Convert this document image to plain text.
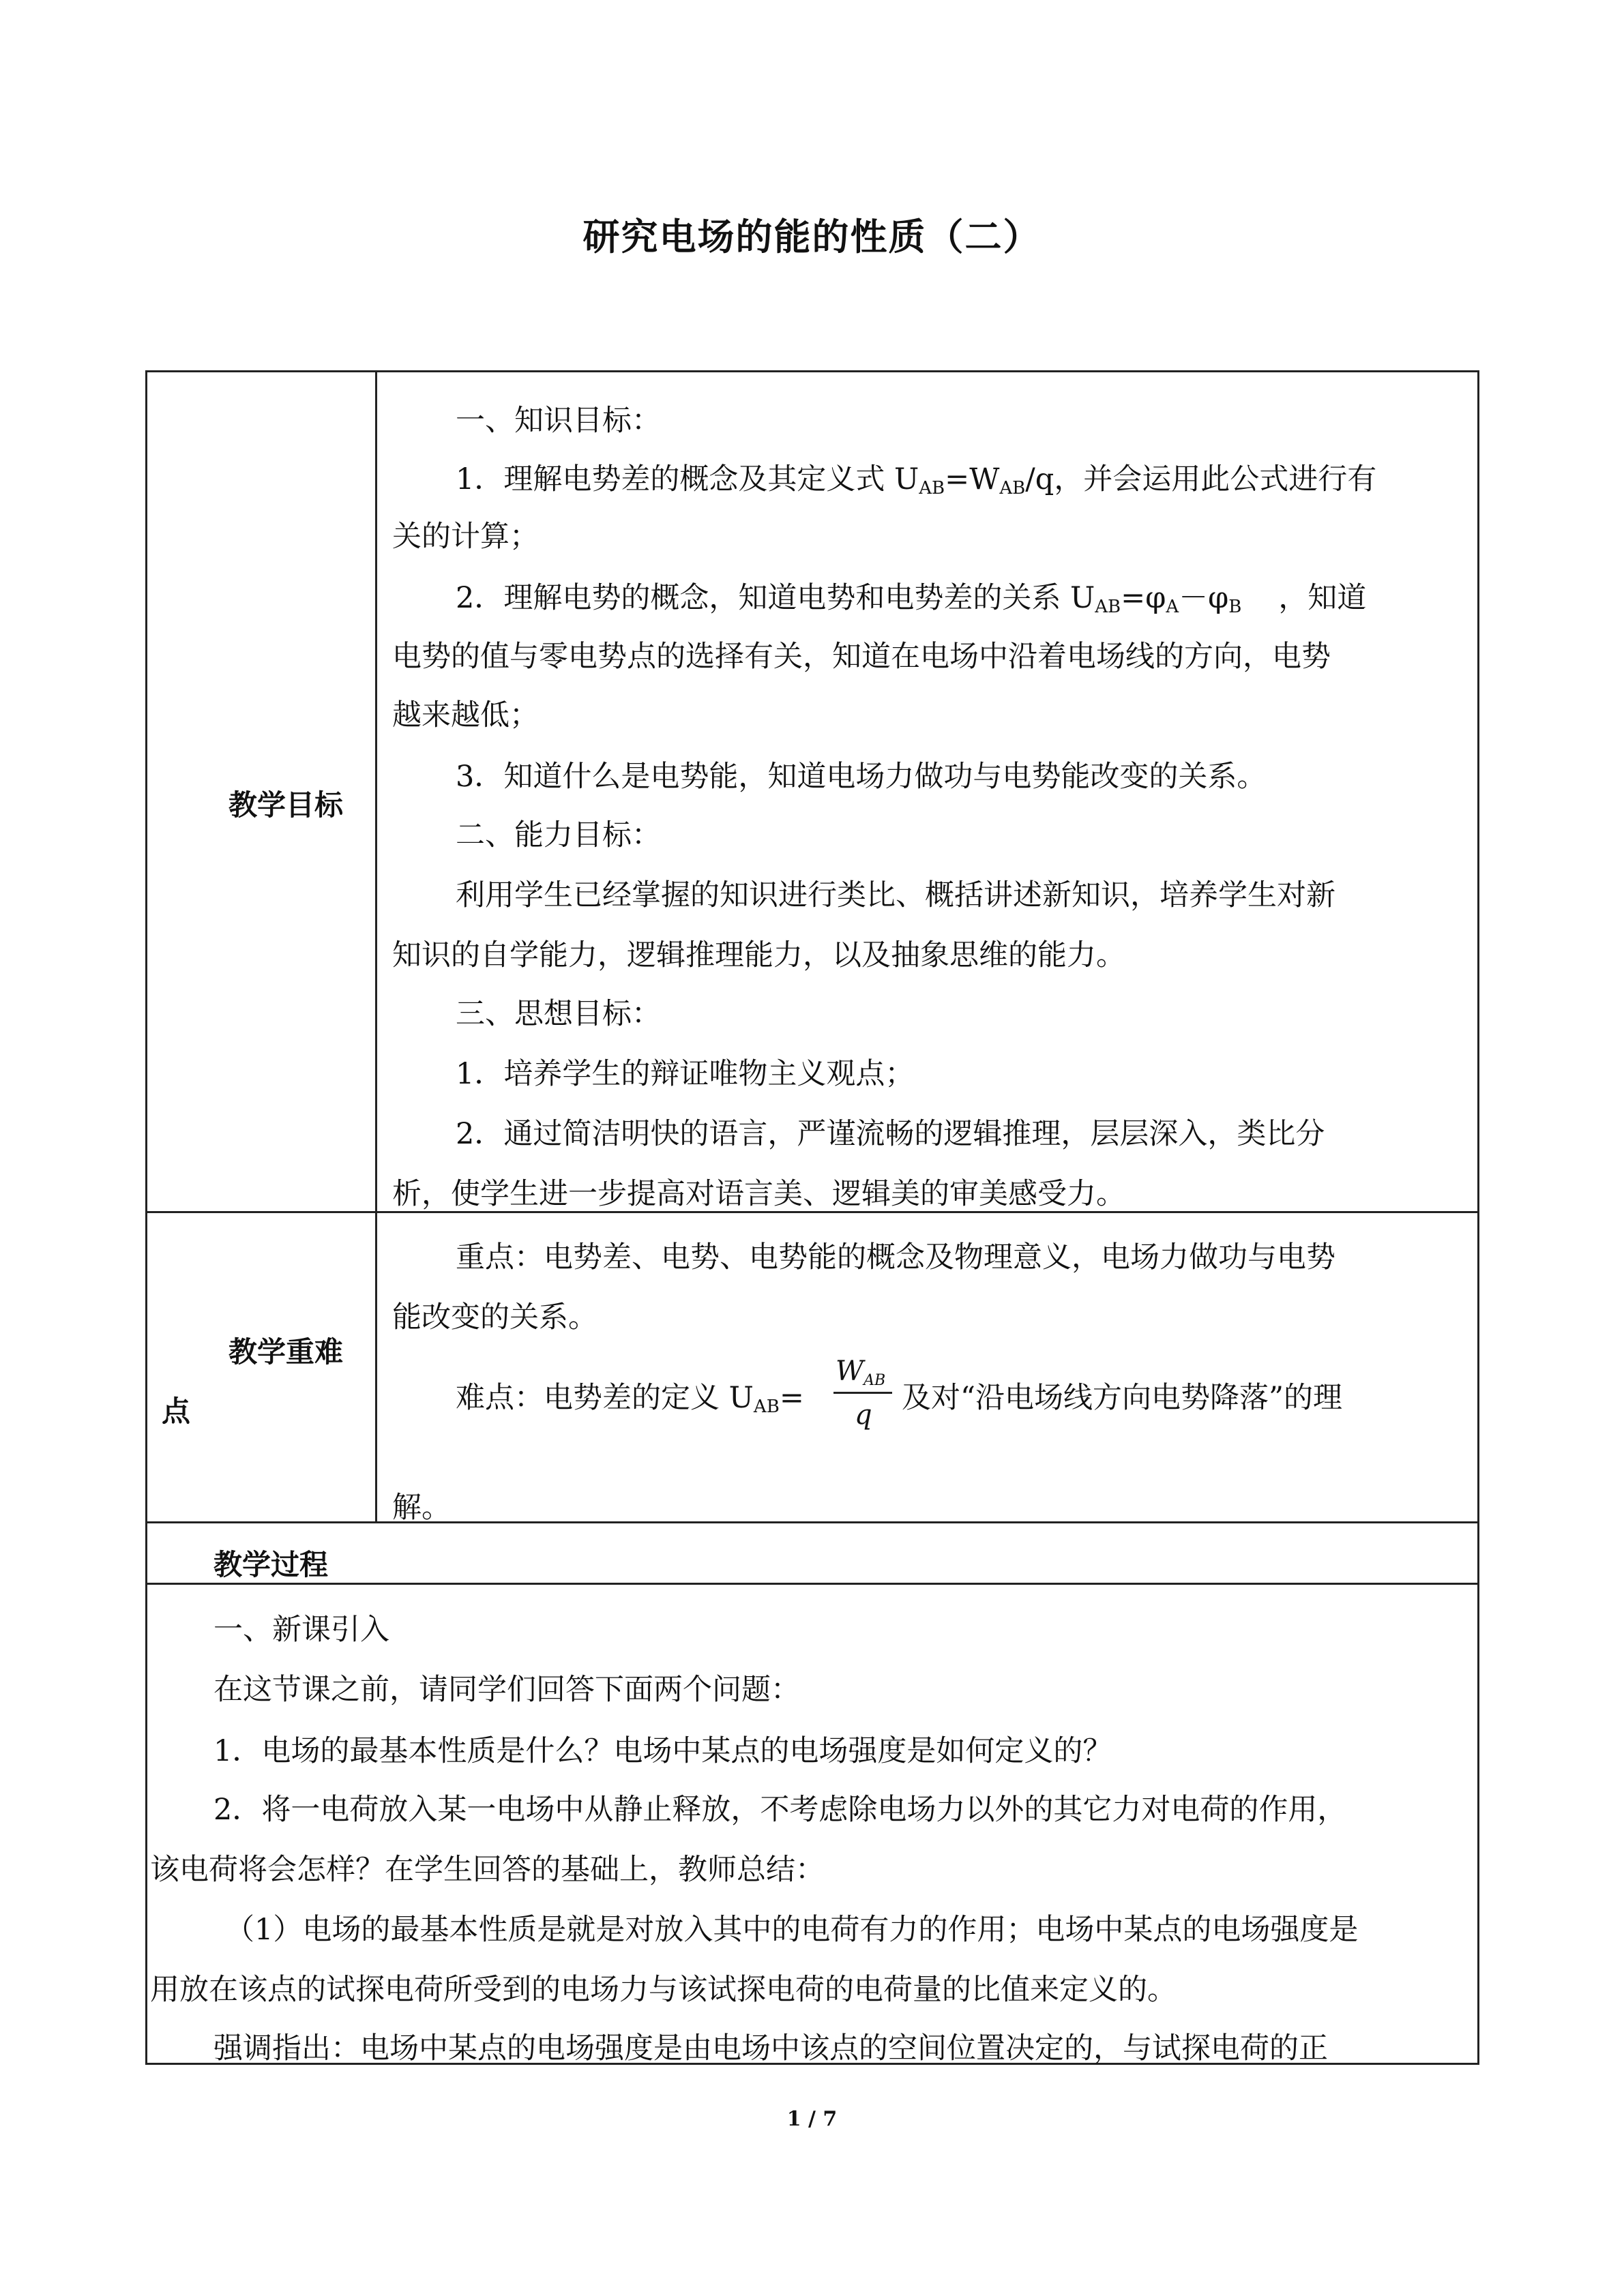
研究电场的能的性质（二）
教学目标
一、知识目标：
1．理解电势差的概念及其定义式 $U_{AB}=W_{AB}/q$，并会运用此公式进行有
关的计算；
2．理解电势的概念，知道电势和电势差的关系 $U_{AB}=\varphi_A-\varphi_B$ ，知道
电势的值与零电势点的选择有关，知道在电场中沿着电场线的方向，电势
越来越低；
3．知道什么是电势能，知道电场力做功与电势能改变的关系。
二、能力目标：
利用学生已经掌握的知识进行类比、概括讲述新知识，培养学生对新
知识的自学能力，逻辑推理能力，以及抽象思维的能力。
三、思想目标：
1．培养学生的辩证唯物主义观点；
2．通过简洁明快的语言，严谨流畅的逻辑推理，层层深入，类比分
析，使学生进一步提高对语言美、逻辑美的审美感受力。
教学重难
点
重点：电势差、电势、电势能的概念及物理意义，电场力做功与电势
能改变的关系。
难点：电势差的定义 $U_{AB}=$
$W_{AB}$
q 及对“沿电场线方向电势降落”的理
解。
教学过程
一、新课引入
在这节课之前，请同学们回答下面两个问题：
1．电场的最基本性质是什么？电场中某点的电场强度是如何定义的？
2．将一电荷放入某一电场中从静止释放，不考虑除电场力以外的其它力对电荷的作用，
该电荷将会怎样？在学生回答的基础上，教师总结：
（1）电场的最基本性质是就是对放入其中的电荷有力的作用；电场中某点的电场强度是
用放在该点的试探电荷所受到的电场力与该试探电荷的电荷量的比值来定义的。
强调指出：电场中某点的电场强度是由电场中该点的空间位置决定的，与试探电荷的正
1 / 7
